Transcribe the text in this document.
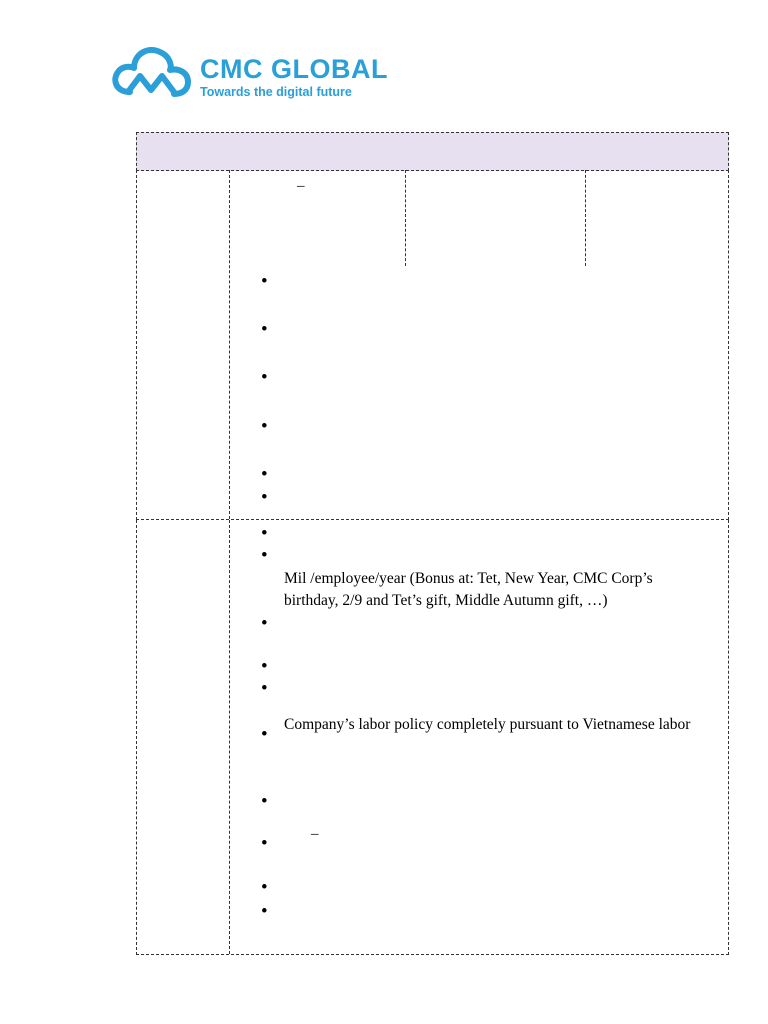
CMC GLOBAL
Towards the digital future
–
•
•
•
•
•
•
•
•
Mil /employee/year (Bonus at: Tet, New Year, CMC Corp’s
birthday, 2/9 and Tet’s gift, Middle Autumn gift, …)
•
•
•
•
Company’s labor policy completely pursuant to Vietnamese labor
•
•
–
•
•
